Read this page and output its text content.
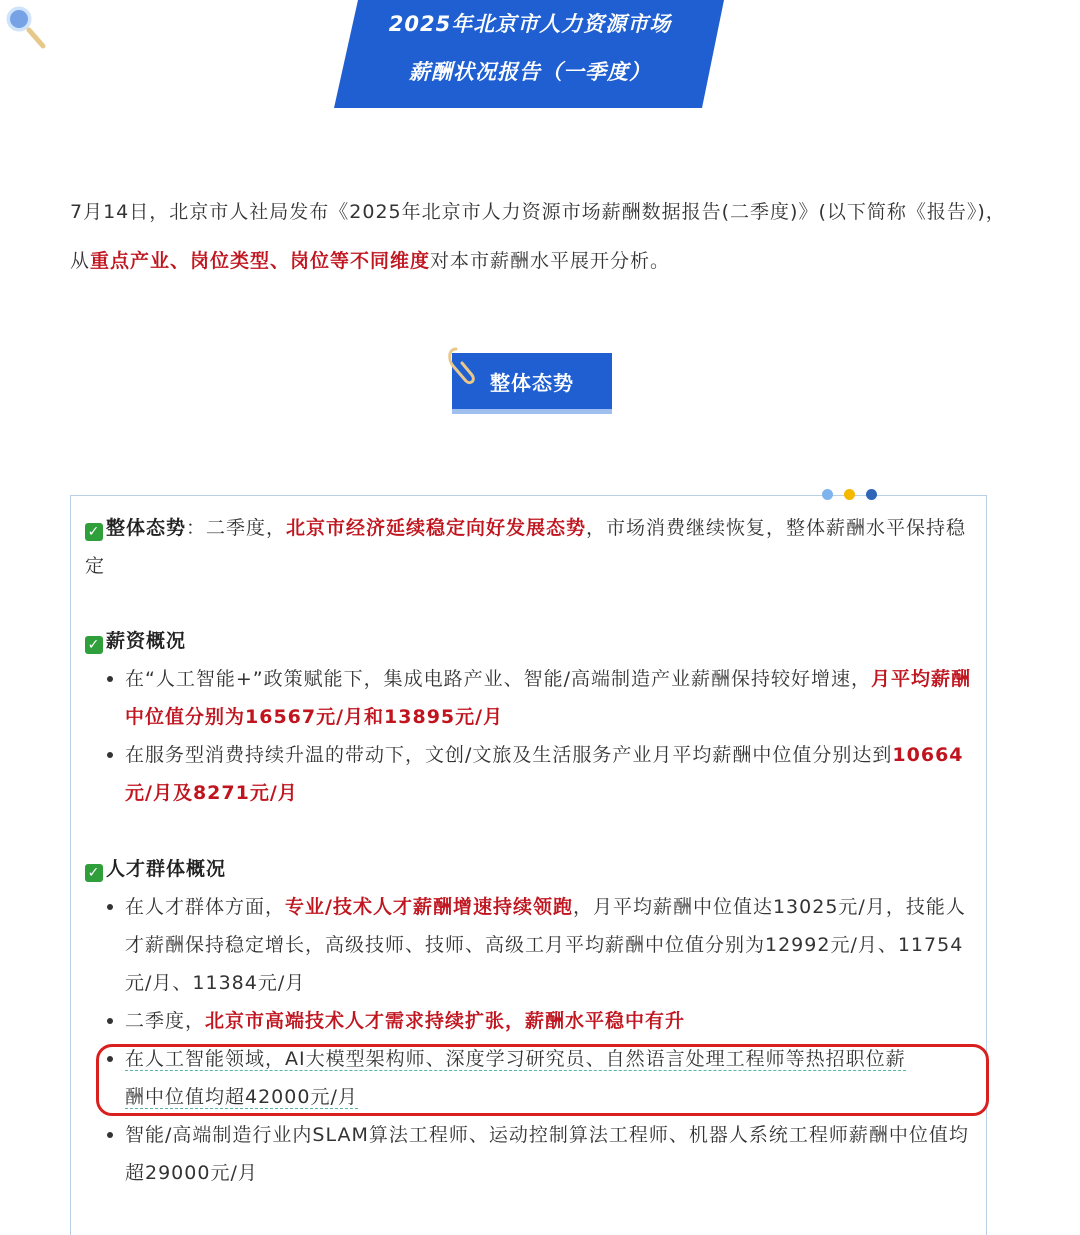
2025年北京市人力资源市场
薪酬状况报告（一季度）
7月14日，北京市人社局发布《2025年北京市人力资源市场薪酬数据报告(二季度)》(以下简称《报告》)，从重点产业、岗位类型、岗位等不同维度对本市薪酬水平展开分析。
整体态势
✓ 整体态势：二季度，北京市经济延续稳定向好发展态势，市场消费继续恢复，整体薪酬水平保持稳定
✓ 薪资概况
在“人工智能+”政策赋能下，集成电路产业、智能/高端制造产业薪酬保持较好增速，月平均薪酬中位值分别为16567元/月和13895元/月
在服务型消费持续升温的带动下，文创/文旅及生活服务产业月平均薪酬中位值分别达到10664元/月及8271元/月
✓ 人才群体概况
在人才群体方面，专业/技术人才薪酬增速持续领跑，月平均薪酬中位值达13025元/月，技能人才薪酬保持稳定增长，高级技师、技师、高级工月平均薪酬中位值分别为12992元/月、11754元/月、11384元/月
二季度，北京市高端技术人才需求持续扩张，薪酬水平稳中有升
在人工智能领域，AI大模型架构师、深度学习研究员、自然语言处理工程师等热招职位薪
酬中位值均超42000元/月
智能/高端制造行业内SLAM算法工程师、运动控制算法工程师、机器人系统工程师薪酬中位值均超29000元/月
